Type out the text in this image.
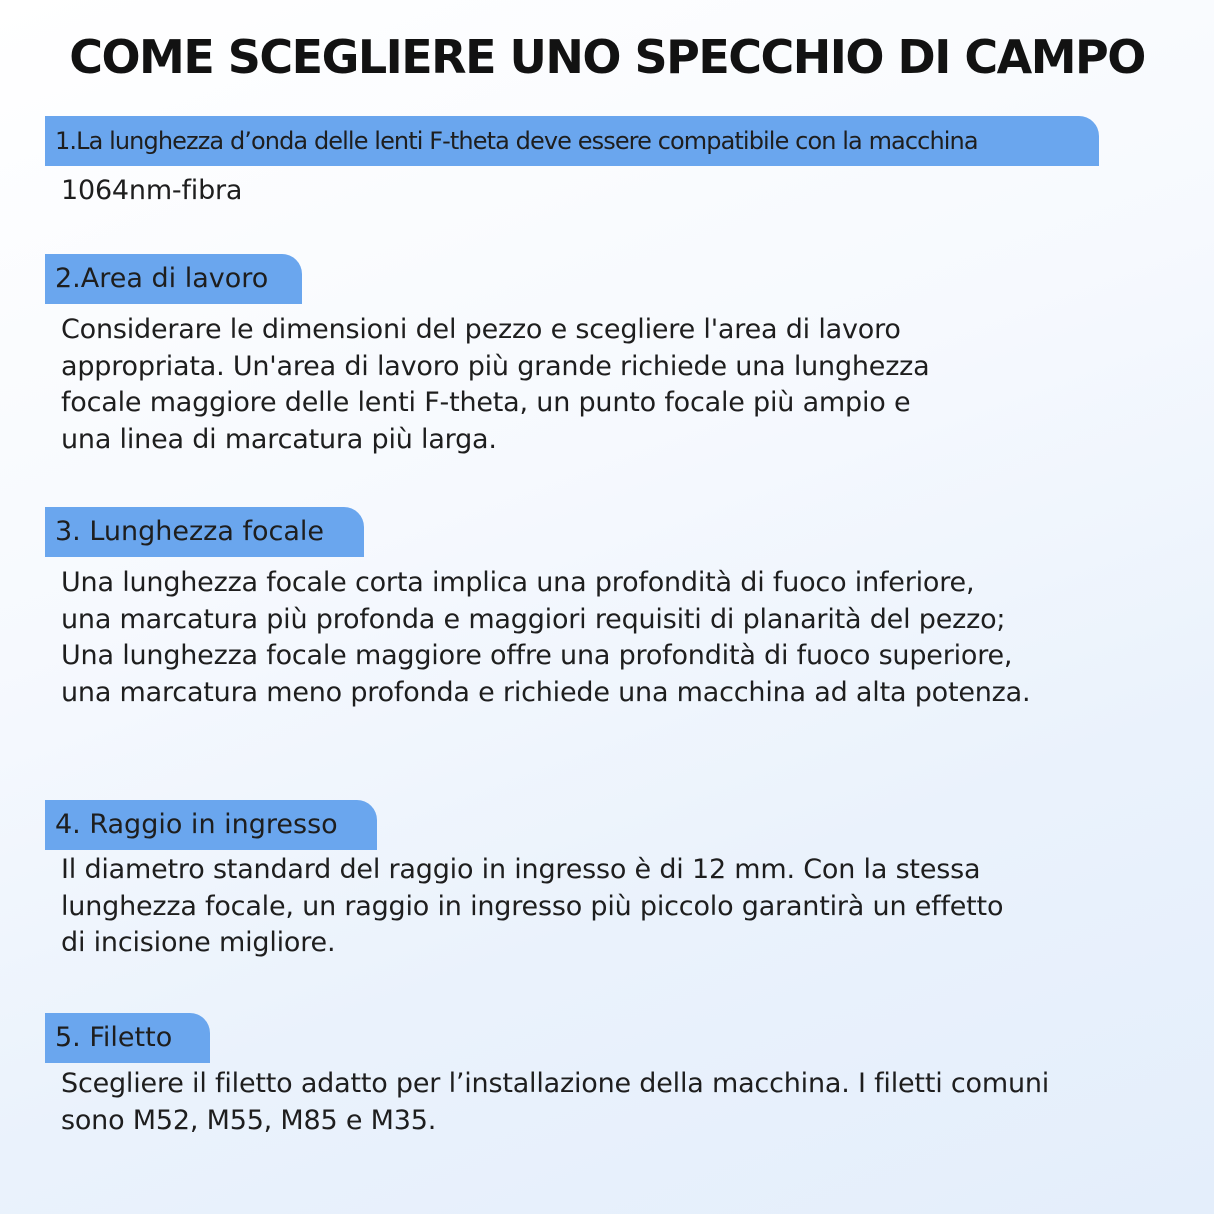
COME SCEGLIERE UNO SPECCHIO DI CAMPO
1.La lunghezza d’onda delle lenti F-theta deve essere compatibile con la macchina
1064nm-fibra
2.Area di lavoro
Considerare le dimensioni del pezzo e scegliere l'area di lavoro
appropriata. Un'area di lavoro più grande richiede una lunghezza
focale maggiore delle lenti F-theta, un punto focale più ampio e
una linea di marcatura più larga.
3. Lunghezza focale
Una lunghezza focale corta implica una profondità di fuoco inferiore,
una marcatura più profonda e maggiori requisiti di planarità del pezzo;
Una lunghezza focale maggiore offre una profondità di fuoco superiore,
una marcatura meno profonda e richiede una macchina ad alta potenza.
4. Raggio in ingresso
Il diametro standard del raggio in ingresso è di 12 mm. Con la stessa
lunghezza focale, un raggio in ingresso più piccolo garantirà un effetto
di incisione migliore.
5. Filetto
Scegliere il filetto adatto per l’installazione della macchina. I filetti comuni
sono M52, M55, M85 e M35.
